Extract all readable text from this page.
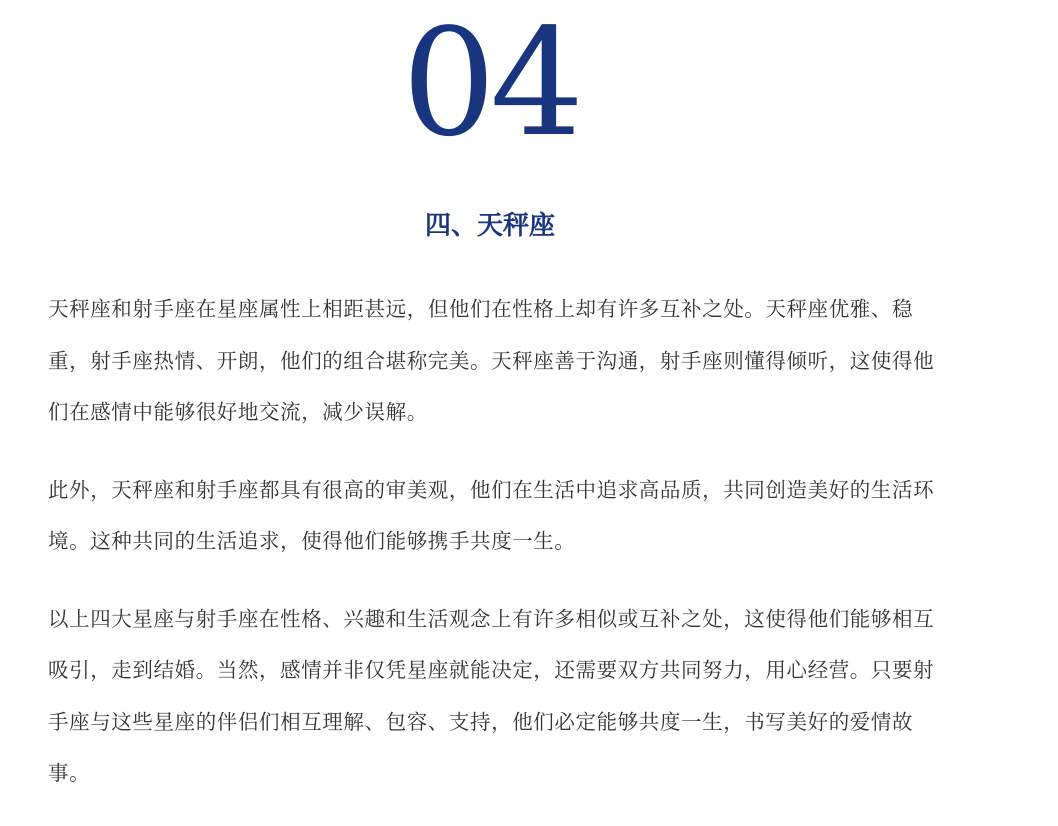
04
四、天秤座

天秤座和射手座在星座属性上相距甚远，但他们在性格上却有许多互补之处。天秤座优雅、稳重，射手座热情、开朗，他们的组合堪称完美。天秤座善于沟通，射手座则懂得倾听，这使得他们在感情中能够很好地交流，减少误解。

此外，天秤座和射手座都具有很高的审美观，他们在生活中追求高品质，共同创造美好的生活环境。这种共同的生活追求，使得他们能够携手共度一生。

以上四大星座与射手座在性格、兴趣和生活观念上有许多相似或互补之处，这使得他们能够相互吸引，走到结婚。当然，感情并非仅凭星座就能决定，还需要双方共同努力，用心经营。只要射手座与这些星座的伴侣们相互理解、包容、支持，他们必定能够共度一生，书写美好的爱情故事。
